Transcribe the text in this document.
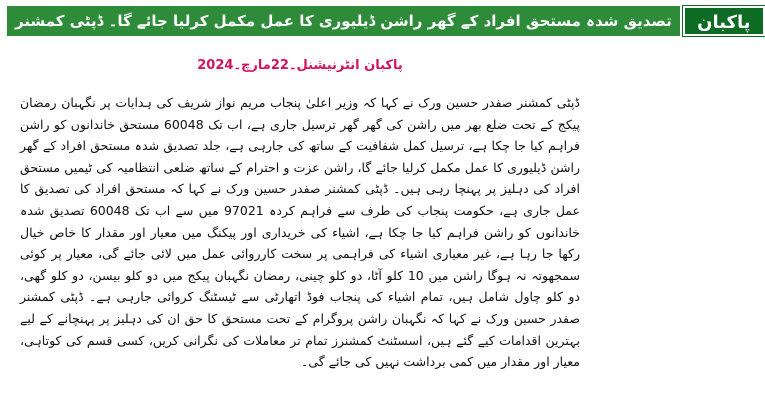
تصدیق شدہ مستحق افراد کے گھر راشن ڈیلیوری کا عمل مکمل کرلیا جائے گا۔ ڈپٹی کمشنر	پاکبان
پاکبان انٹرنیشنل۔22مارچ۔2024
ڈپٹی کمشنر صفدر حسین ورک نے کہا کہ وزیر اعلیٰ پنجاب مریم نواز شریف کی ہدایات پر نگہبان رمضان پیکج کے تحت ضلع بھر میں راشن کی گھر گھر ترسیل جاری ہے، اب تک 60048 مستحق خاندانوں کو راشن فراہم کیا جا چکا ہے، ترسیل کمل شفافیت کے ساتھ کی جارہی ہے، جلد تصدیق شدہ مستحق افراد کے گھر راشن ڈیلیوری کا عمل مکمل کرلیا جائے گا، راشن عزت و احترام کے ساتھ ضلعی انتظامیہ کی ٹیمیں مستحق افراد کی دہلیز پر پہنچا رہی ہیں۔ ڈپٹی کمشنر صفدر حسین ورک نے کہا کہ مستحق افراد کی تصدیق کا عمل جاری ہے، حکومت پنجاب کی طرف سے فراہم کردہ 97021 میں سے اب تک 60048 تصدیق شدہ خاندانوں کو راشن فراہم کیا جا چکا ہے، اشیاء کی خریداری اور پیکنگ میں معیار اور مقدار کا خاص خیال رکھا جا رہا ہے، غیر معیاری اشیاء کی فراہمی پر سخت کارروائی عمل میں لائی جائے گی، معیار پر کوئی سمجھوتہ نہ ہوگا راشن میں 10 کلو آٹا، دو کلو چینی، رمضان نگہبان پیکج میں دو کلو بیسن، دو کلو گھی، دو کلو چاول شامل ہیں، تمام اشیاء کی پنجاب فوڈ اتھارٹی سے ٹیسٹنگ کروائی جارہی ہے۔ ڈپٹی کمشنر صفدر حسین ورک نے کہا کہ نگہبان راشن پروگرام کے تحت مستحق کا حق ان کی دہلیز پر پہنچانے کے لیے بہترین اقدامات کیے گئے ہیں، اسسٹنٹ کمشنرز تمام تر معاملات کی نگرانی کریں، کسی قسم کی کوتاہی، معیار اور مقدار میں کمی برداشت نہیں کی جائے گی۔
